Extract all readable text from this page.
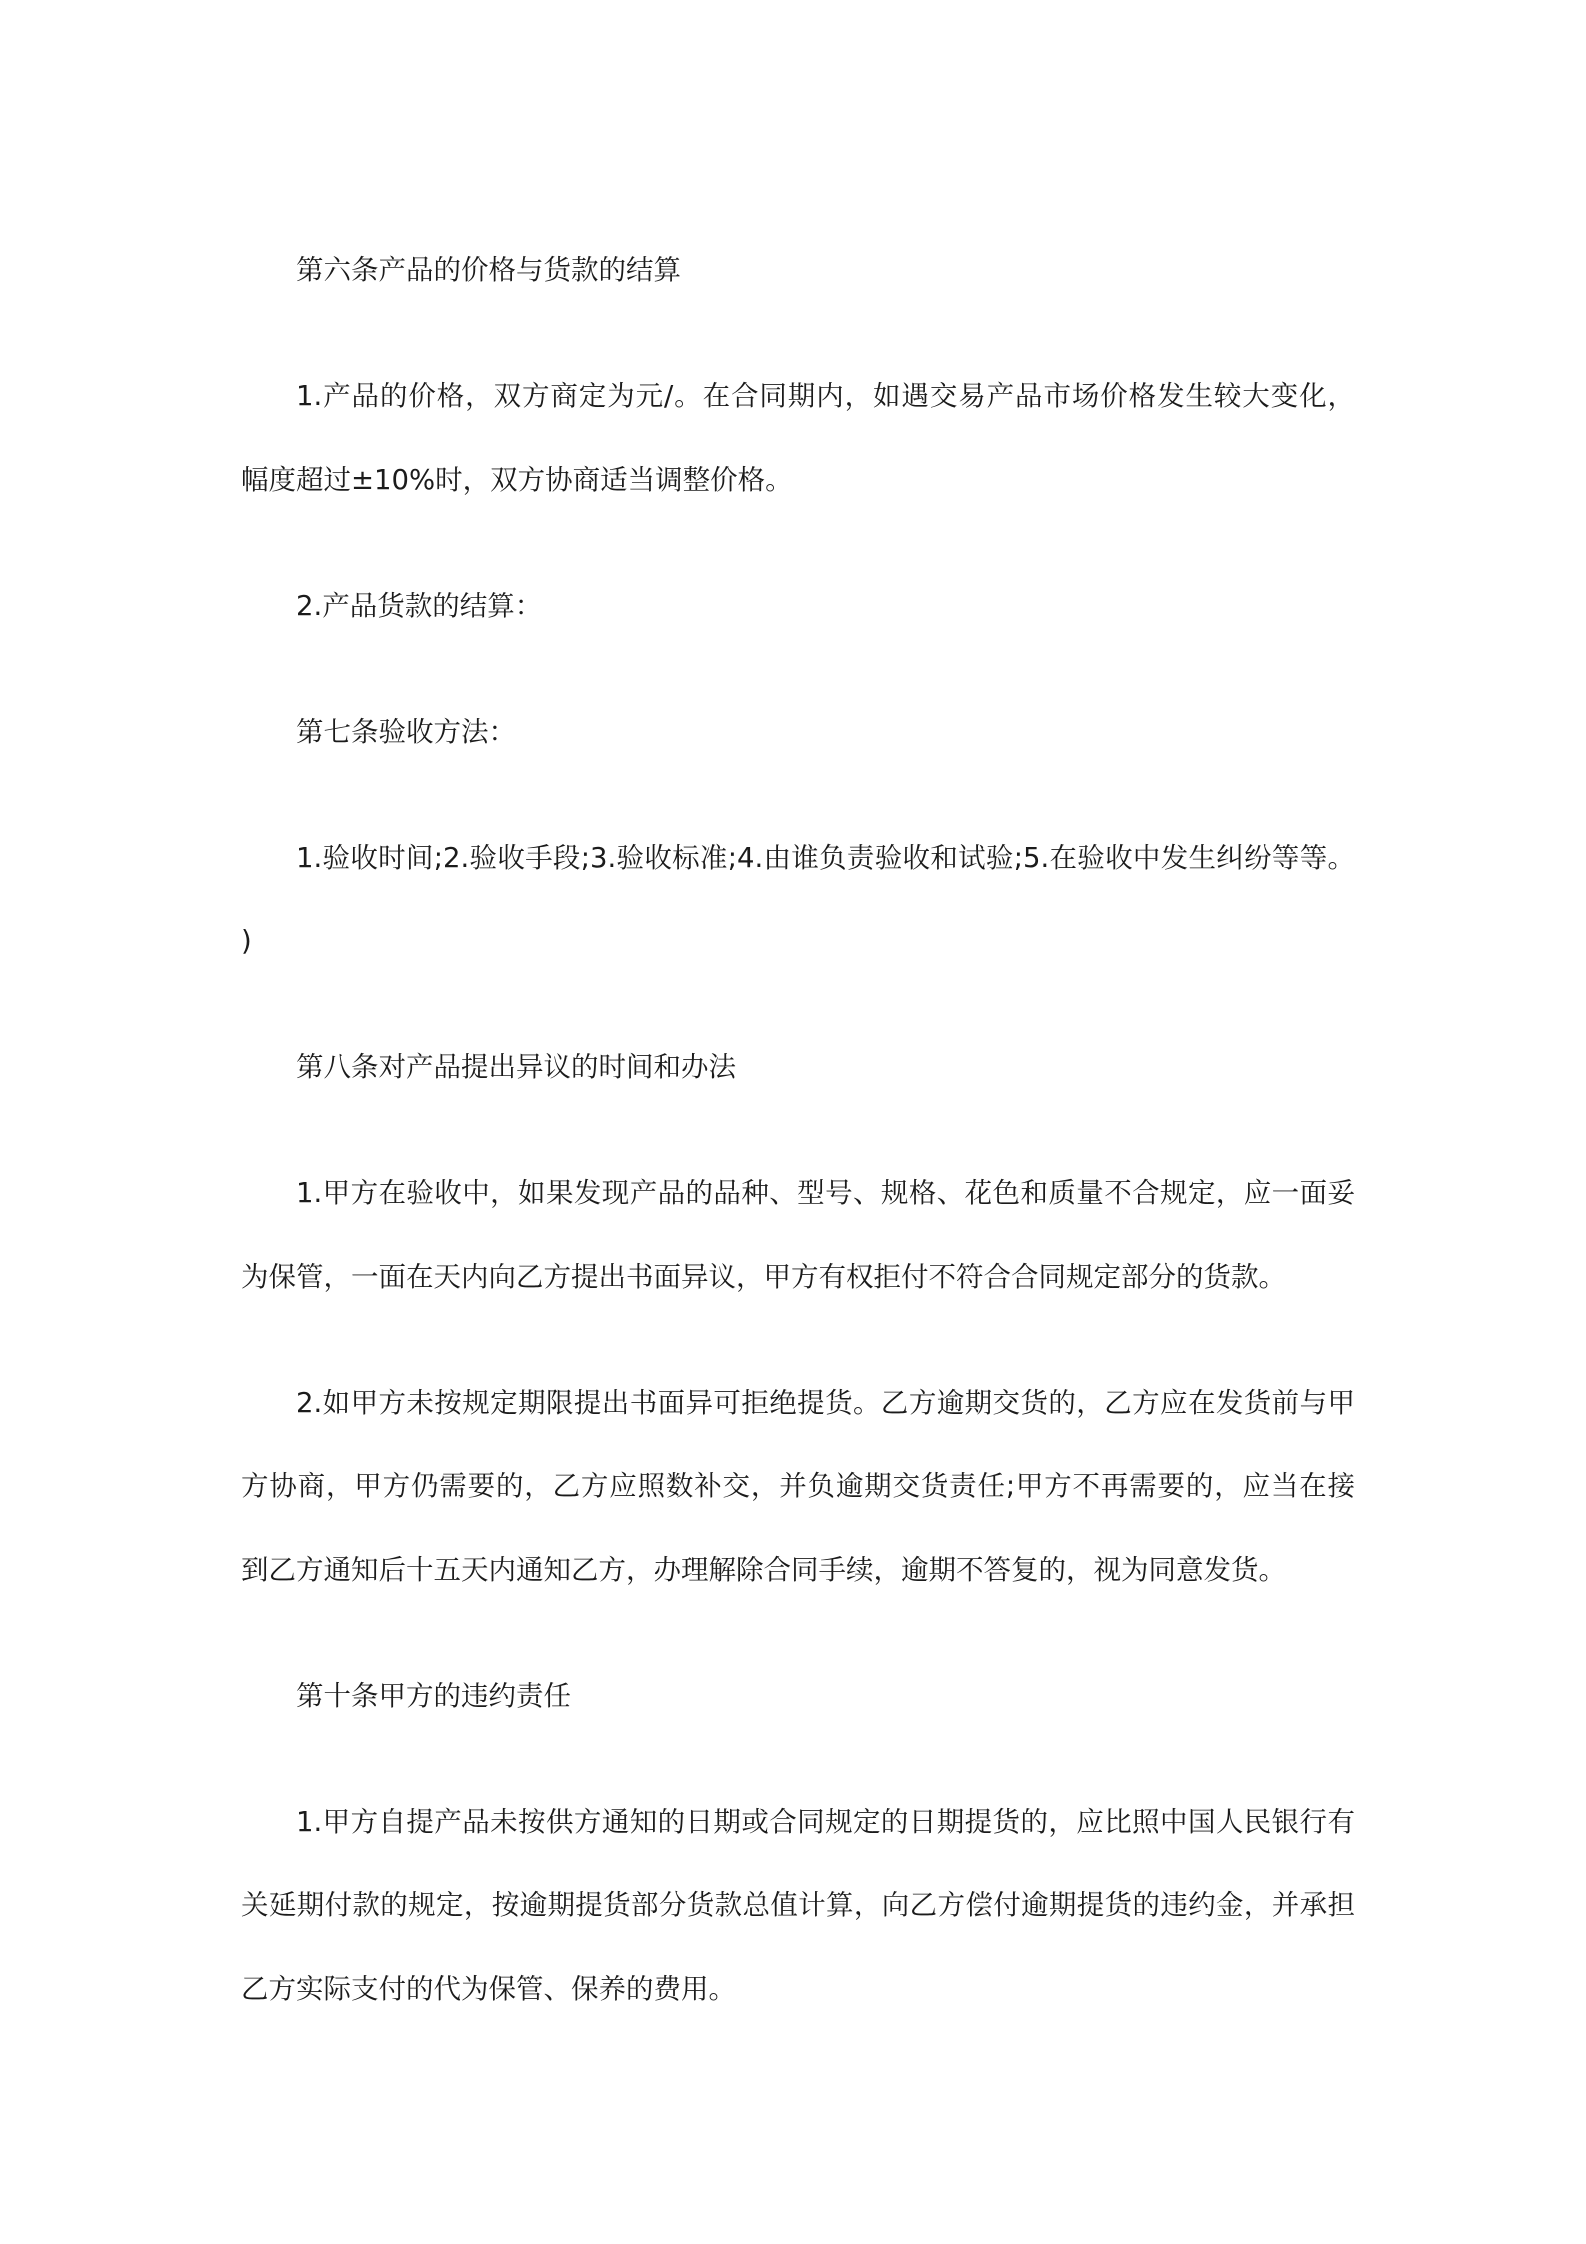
第六条产品的价格与货款的结算
1.产品的价格，双方商定为元/。在合同期内，如遇交易产品市场价格发生较大变化，
幅度超过±10%时，双方协商适当调整价格。
2.产品货款的结算：
第七条验收方法：
1.验收时间;2.验收手段;3.验收标准;4.由谁负责验收和试验;5.在验收中发生纠纷等等。
)
第八条对产品提出异议的时间和办法
1.甲方在验收中，如果发现产品的品种、型号、规格、花色和质量不合规定，应一面妥
为保管，一面在天内向乙方提出书面异议，甲方有权拒付不符合合同规定部分的货款。
2.如甲方未按规定期限提出书面异可拒绝提货。乙方逾期交货的，乙方应在发货前与甲
方协商，甲方仍需要的，乙方应照数补交，并负逾期交货责任;甲方不再需要的，应当在接
到乙方通知后十五天内通知乙方，办理解除合同手续，逾期不答复的，视为同意发货。
第十条甲方的违约责任
1.甲方自提产品未按供方通知的日期或合同规定的日期提货的，应比照中国人民银行有
关延期付款的规定，按逾期提货部分货款总值计算，向乙方偿付逾期提货的违约金，并承担
乙方实际支付的代为保管、保养的费用。
